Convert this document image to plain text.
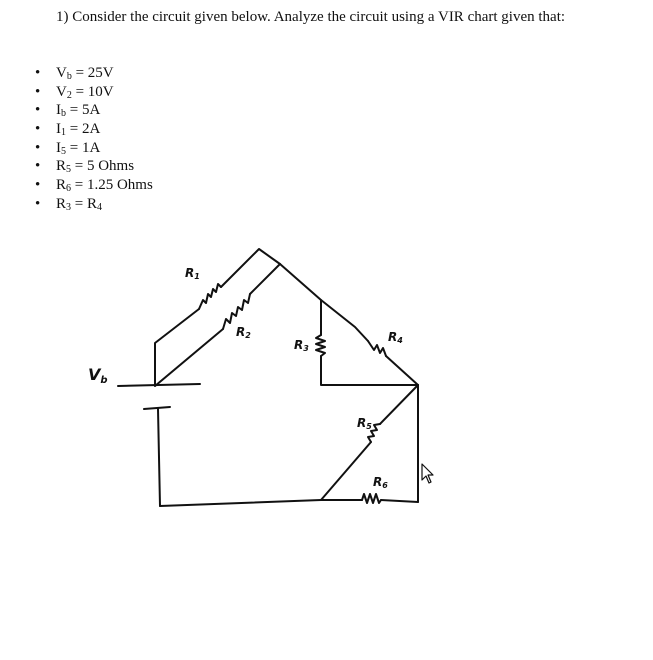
1) Consider the circuit given below. Analyze the circuit using a VIR chart given that:
• $V_b = 25V$
• $V_2 = 10V$
• $I_b = 5A$
• $I_1 = 2A$
• $I_5 = 1A$
• $R_5 = 5$ Ohms
• $R_6 = 1.25$ Ohms
• $R_3 = R_4$
Vb
R1
R2
R3
R4
R5
R6
